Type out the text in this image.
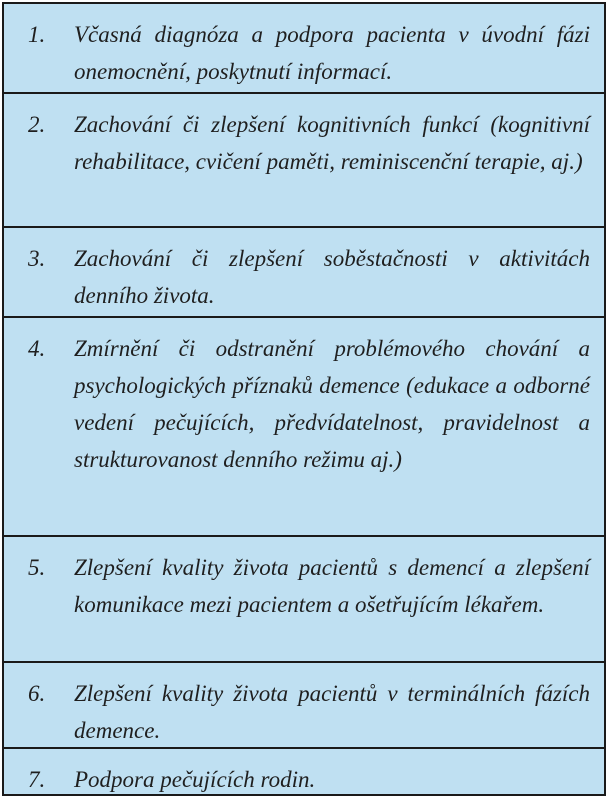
1.	Včasná diagnóza a podpora pacienta v úvodní fázi onemocnění, poskytnutí informací.
2.	Zachování či zlepšení kognitivních funkcí (kognitivní rehabilitace, cvičení paměti, reminiscenční terapie, aj.)
3.	Zachování či zlepšení soběstačnosti v aktivitách denního života.
4.	Zmírnění či odstranění problémového chování a psychologických příznaků demence (edukace a odborné vedení pečujících, předvídatelnost, pravidelnost a strukturovanost denního režimu aj.)
5.	Zlepšení kvality života pacientů s demencí a zlepšení komunikace mezi pacientem a ošetřujícím lékařem.
6.	Zlepšení kvality života pacientů v terminálních fázích demence.
7.	Podpora pečujících rodin.
